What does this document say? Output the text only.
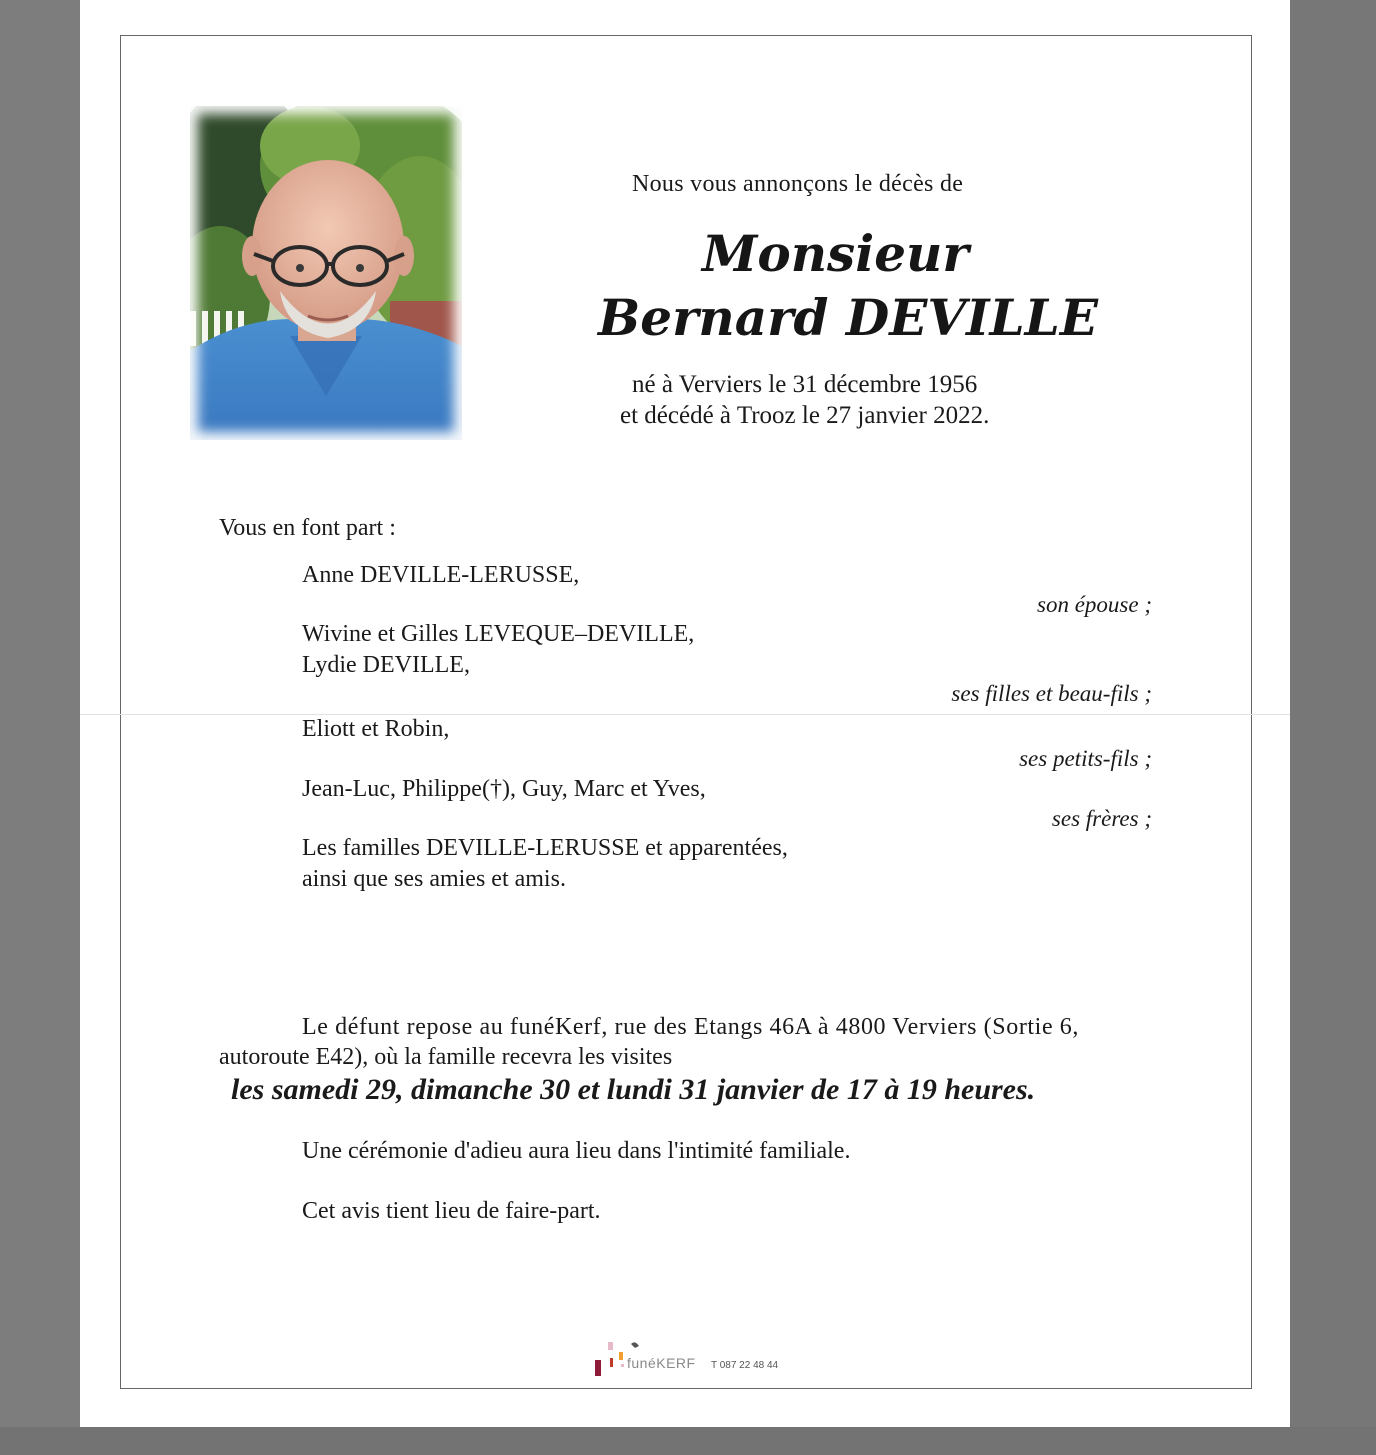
Nous vous annonçons le décès de
Monsieur
Bernard DEVILLE
né à Verviers le 31 décembre 1956
et décédé à Trooz le 27 janvier 2022.
Vous en font part :
Anne DEVILLE-LERUSSE,
son épouse ;
Wivine et Gilles LEVEQUE–DEVILLE,
Lydie DEVILLE,
ses filles et beau-fils ;
Eliott et Robin,
ses petits-fils ;
Jean-Luc, Philippe(†), Guy, Marc et Yves,
ses frères ;
Les familles DEVILLE-LERUSSE et apparentées,
ainsi que ses amies et amis.
Le défunt repose au funéKerf, rue des Etangs 46A à 4800 Verviers (Sortie 6,
autoroute E42), où la famille recevra les visites
les samedi 29, dimanche 30 et lundi 31 janvier de 17 à 19 heures.
Une cérémonie d'adieu aura lieu dans l'intimité familiale.
Cet avis tient lieu de faire-part.
funéKERF T 087 22 48 44
